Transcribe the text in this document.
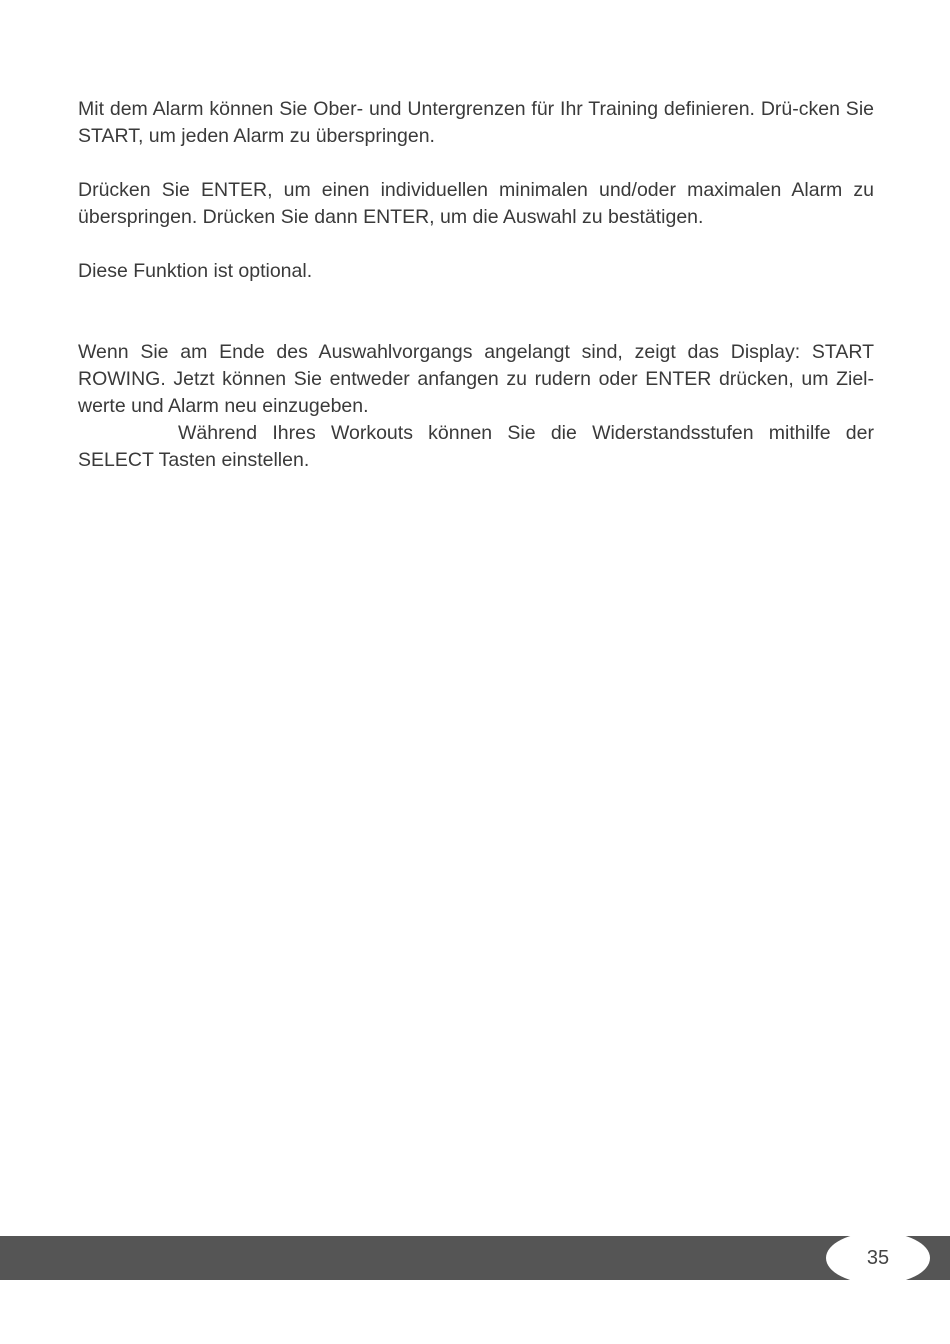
Mit dem Alarm können Sie Ober- und Untergrenzen für Ihr Training definieren. Drü-cken Sie START, um jeden Alarm zu überspringen.

Drücken Sie ENTER, um einen individuellen minimalen und/oder maximalen Alarm zu überspringen. Drücken Sie dann ENTER, um die Auswahl zu bestätigen.

Diese Funktion ist optional.

Wenn Sie am Ende des Auswahlvorgangs angelangt sind, zeigt das Display: START ROWING. Jetzt können Sie entweder anfangen zu rudern oder ENTER drücken, um Ziel-werte und Alarm neu einzugeben.

Während Ihres Workouts können Sie die Widerstandsstufen mithilfe der SELECT Tasten einstellen.

35
